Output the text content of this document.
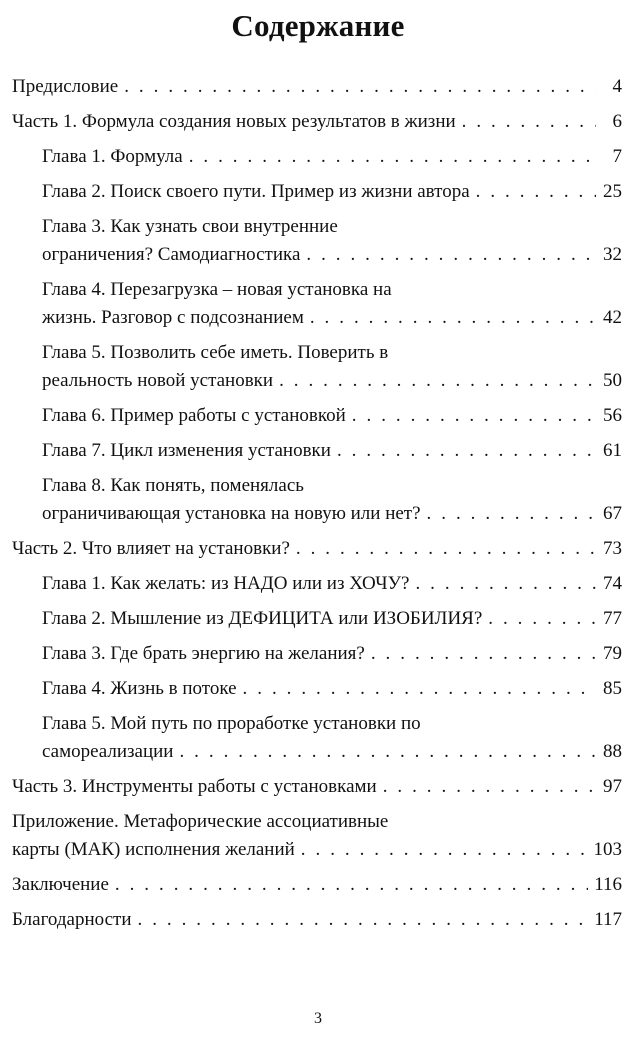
Содержание
Предисловие . . .	4
Часть 1. Формула создания новых результатов в жизни . . .	6
Глава 1. Формула . . .	7
Глава 2. Поиск своего пути. Пример из жизни автора . . .	25
Глава 3. Как узнать свои внутренние
ограничения? Самодиагностика . . .	32
Глава 4. Перезагрузка – новая установка на
жизнь. Разговор с подсознанием . . .	42
Глава 5. Позволить себе иметь. Поверить в
реальность новой установки . . .	50
Глава 6. Пример работы с установкой . . .	56
Глава 7. Цикл изменения установки . . .	61
Глава 8. Как понять, поменялась
ограничивающая установка на новую или нет? . . .	67
Часть 2. Что влияет на установки? . . .	73
Глава 1. Как желать: из НАДО или из ХОЧУ? . . .	74
Глава 2. Мышление из ДЕФИЦИТА или ИЗОБИЛИЯ? . . .	77
Глава 3. Где брать энергию на желания? . . .	79
Глава 4. Жизнь в потоке . . .	85
Глава 5. Мой путь по проработке установки по
самореализации . . .	88
Часть 3. Инструменты работы с установками . . .	97
Приложение. Метафорические ассоциативные
карты (МАК) исполнения желаний . . .	103
Заключение . . .	116
Благодарности . . .	117
3
